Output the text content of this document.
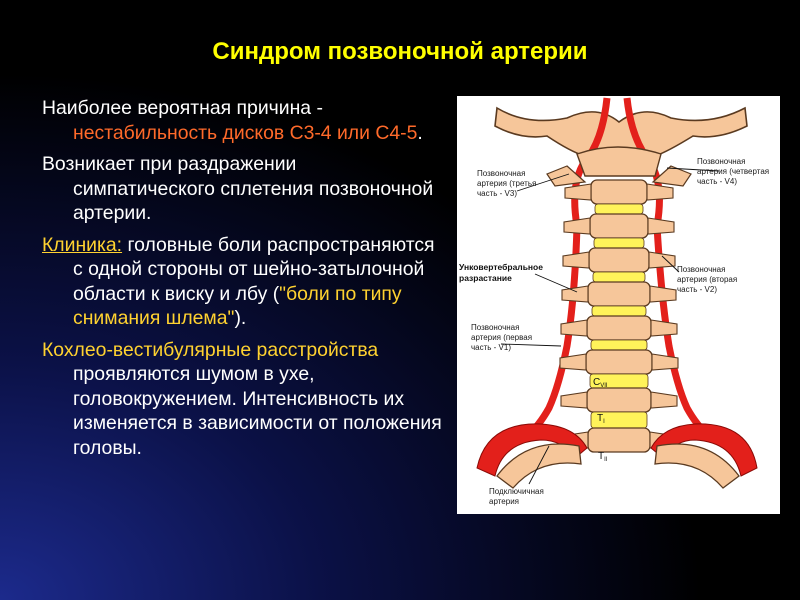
Синдром позвоночной артерии
Наиболее вероятная причина - нестабильность дисков С3-4 или С4-5.
Возникает при раздражении симпатического сплетения позвоночной артерии.
Клиника: головные боли распространяются с одной стороны от шейно-затылочной области к виску и лбу ("боли по типу снимания шлема").
Кохлео-вестибулярные расстройства проявляются шумом в ухе, головокружением. Интенсивность их изменяется в зависимости от положения головы.
$C_{VII}$
$T_I$
$T_{II}$
Позвоночная артерия (третья часть - V3)
Позвоночная артерия (четвертая часть - V4)
Унковертебральное разрастание
Позвоночная артерия (вторая часть - V2)
Позвоночная артерия (первая часть - V1)
Подключичная артерия
